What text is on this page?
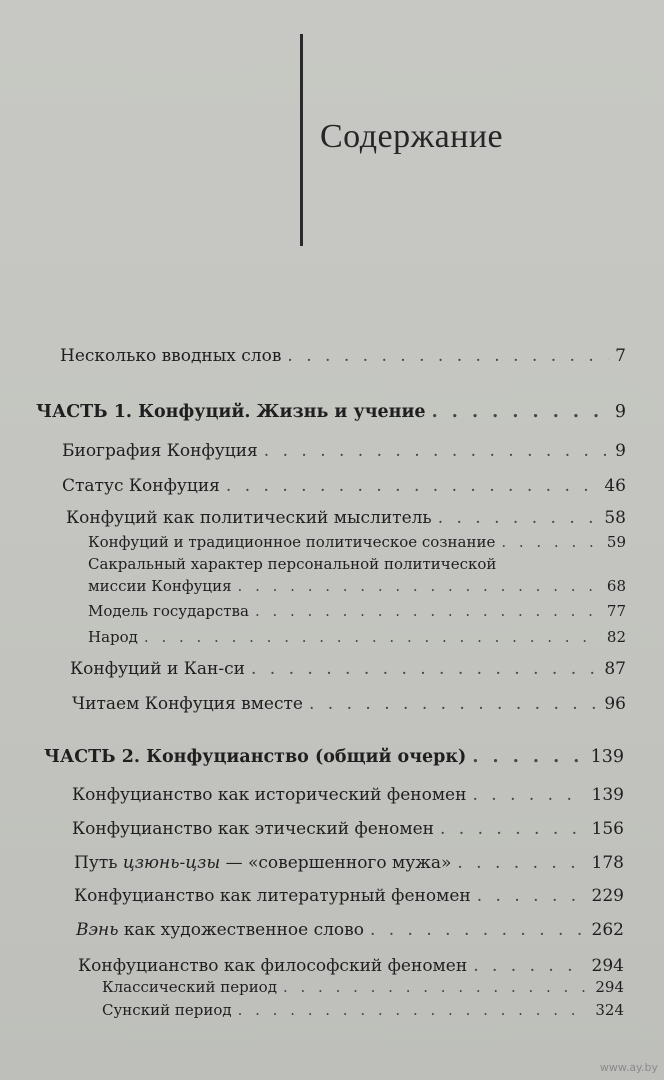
Содержание
Несколько вводных слов . . .	7
ЧАСТЬ 1. Конфуций. Жизнь и учение . . .	9
Биография Конфуция . . .	9
Статус Конфуция . . .	46
Конфуций как политический мыслитель . . .	58
Конфуций и традиционное политическое сознание . . .	59
Сакральный характер персональной политической
миссии Конфуция . . .	68
Модель государства . . .	77
Народ . . .	82
Конфуций и Кан-си . . .	87
Читаем Конфуция вместе . . .	96
ЧАСТЬ 2. Конфуцианство (общий очерк) . . .	139
Конфуцианство как исторический феномен . . .	139
Конфуцианство как этический феномен . . .	156
Путь цзюнь-цзы — «совершенного мужа» . . .	178
Конфуцианство как литературный феномен . . .	229
Вэнь как художественное слово . . .	262
Конфуцианство как философский феномен . . .	294
Классический период . . .	294
Сунский период . . .	324
www.ay.by
